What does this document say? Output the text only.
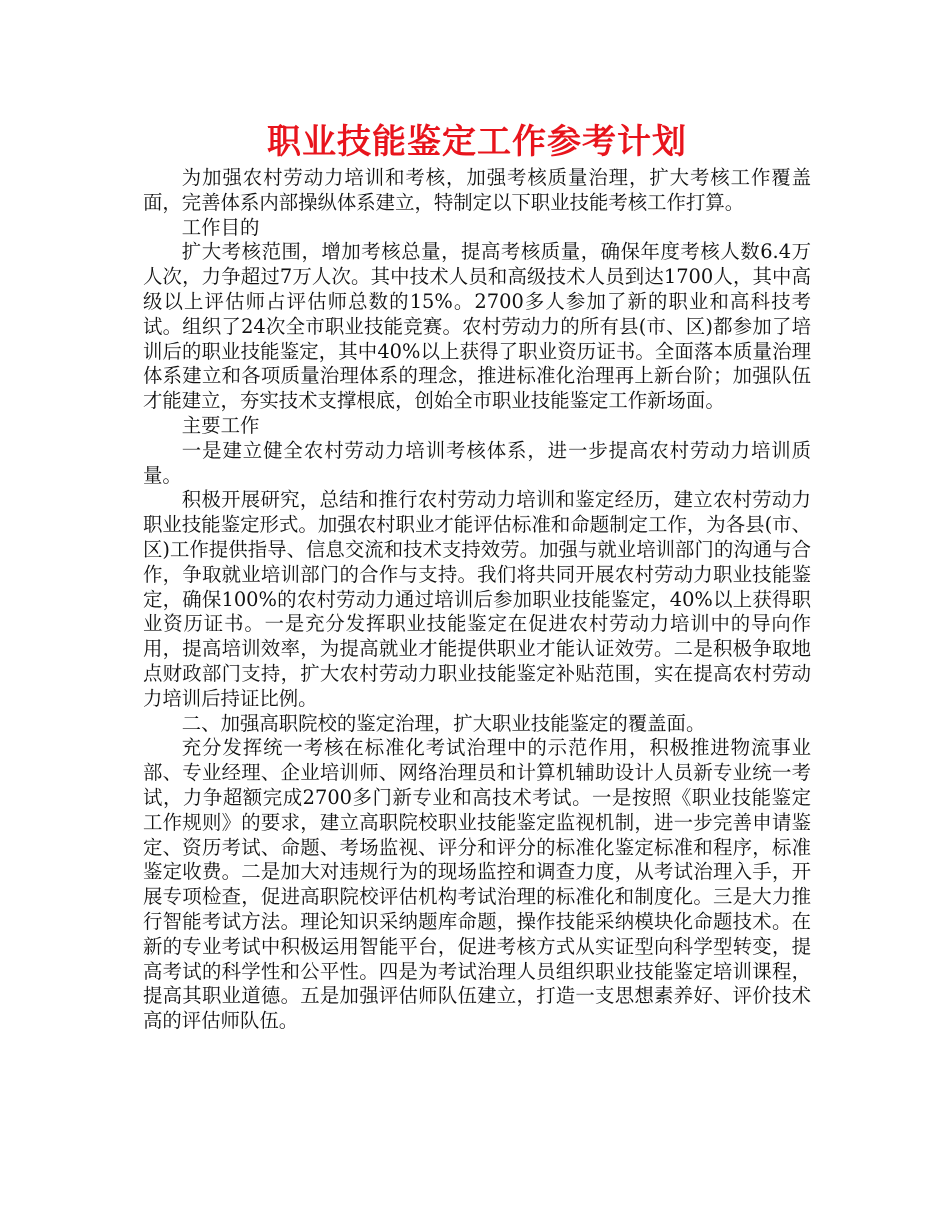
职业技能鉴定工作参考计划

为加强农村劳动力培训和考核，加强考核质量治理，扩大考核工作覆盖面，完善体系内部操纵体系建立，特制定以下职业技能考核工作打算。

工作目的

扩大考核范围，增加考核总量，提高考核质量，确保年度考核人数6.4万人次，力争超过7万人次。其中技术人员和高级技术人员到达1700人，其中高级以上评估师占评估师总数的15%。2700多人参加了新的职业和高科技考试。组织了24次全市职业技能竞赛。农村劳动力的所有县(市、区)都参加了培训后的职业技能鉴定，其中40%以上获得了职业资历证书。全面落本质量治理体系建立和各项质量治理体系的理念，推进标准化治理再上新台阶；加强队伍才能建立，夯实技术支撑根底，创始全市职业技能鉴定工作新场面。

主要工作

一是建立健全农村劳动力培训考核体系，进一步提高农村劳动力培训质量。

积极开展研究，总结和推行农村劳动力培训和鉴定经历，建立农村劳动力职业技能鉴定形式。加强农村职业才能评估标准和命题制定工作，为各县(市、区)工作提供指导、信息交流和技术支持效劳。加强与就业培训部门的沟通与合作，争取就业培训部门的合作与支持。我们将共同开展农村劳动力职业技能鉴定，确保100%的农村劳动力通过培训后参加职业技能鉴定，40%以上获得职业资历证书。一是充分发挥职业技能鉴定在促进农村劳动力培训中的导向作用，提高培训效率，为提高就业才能提供职业才能认证效劳。二是积极争取地点财政部门支持，扩大农村劳动力职业技能鉴定补贴范围，实在提高农村劳动力培训后持证比例。

二、加强高职院校的鉴定治理，扩大职业技能鉴定的覆盖面。

充分发挥统一考核在标准化考试治理中的示范作用，积极推进物流事业部、专业经理、企业培训师、网络治理员和计算机辅助设计人员新专业统一考试，力争超额完成2700多门新专业和高技术考试。一是按照《职业技能鉴定工作规则》的要求，建立高职院校职业技能鉴定监视机制，进一步完善申请鉴定、资历考试、命题、考场监视、评分和评分的标准化鉴定标准和程序，标准鉴定收费。二是加大对违规行为的现场监控和调查力度，从考试治理入手，开展专项检查，促进高职院校评估机构考试治理的标准化和制度化。三是大力推行智能考试方法。理论知识采纳题库命题，操作技能采纳模块化命题技术。在新的专业考试中积极运用智能平台，促进考核方式从实证型向科学型转变，提高考试的科学性和公平性。四是为考试治理人员组织职业技能鉴定培训课程，提高其职业道德。五是加强评估师队伍建立，打造一支思想素养好、评价技术高的评估师队伍。
